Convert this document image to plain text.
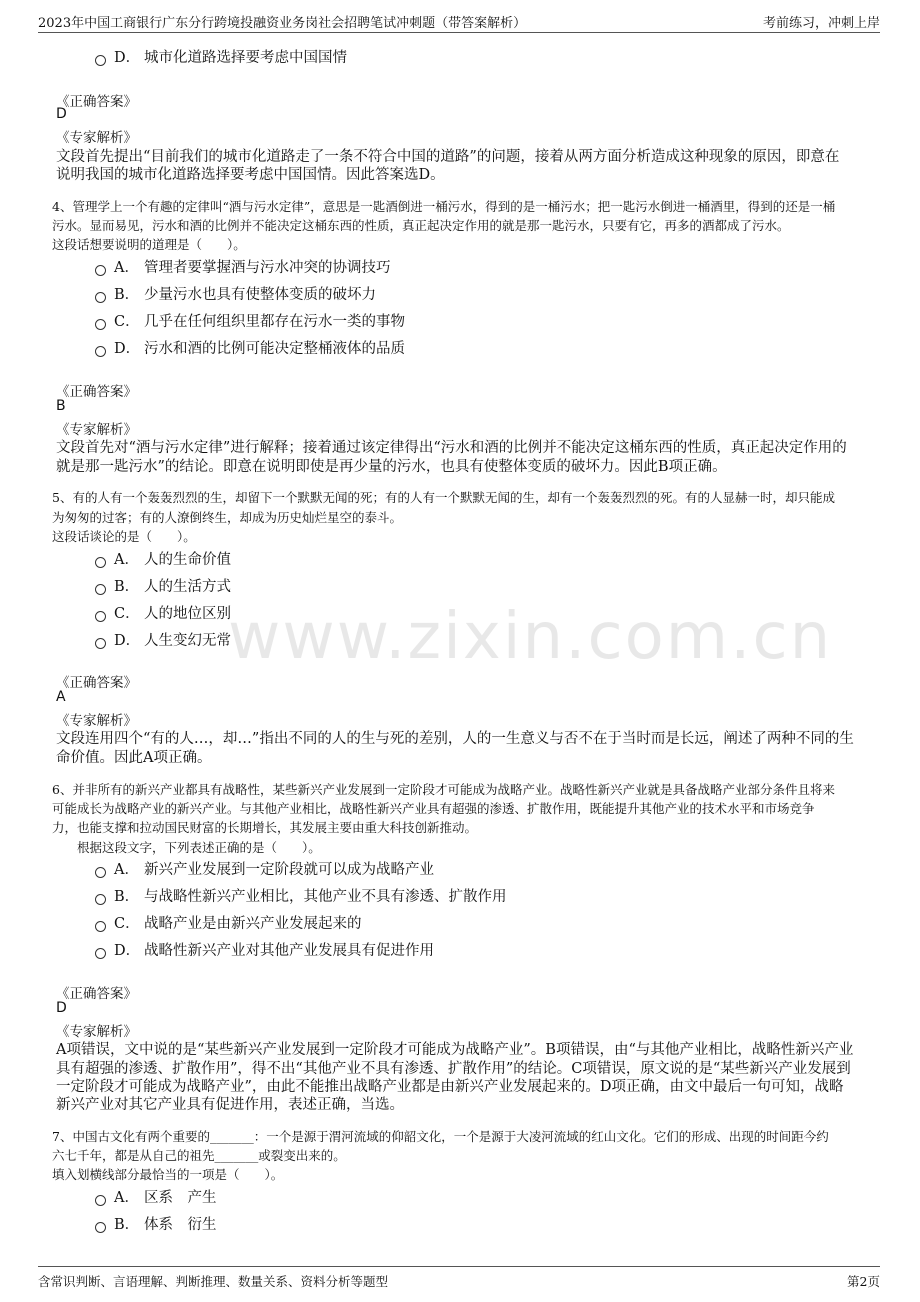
2023年中国工商银行广东分行跨境投融资业务岗社会招聘笔试冲刺题（带答案解析）	考前练习，冲刺上岸
www.zixin.com.cn
D． 城市化道路选择要考虑中国国情
《正确答案》
D
《专家解析》
文段首先提出“目前我们的城市化道路走了一条不符合中国的道路”的问题，接着从两方面分析造成这种现象的原因，即意在
说明我国的城市化道路选择要考虑中国国情。因此答案选D。
4、管理学上一个有趣的定律叫“酒与污水定律”，意思是一匙酒倒进一桶污水，得到的是一桶污水；把一匙污水倒进一桶酒里，得到的还是一桶
污水。显而易见，污水和酒的比例并不能决定这桶东西的性质，真正起决定作用的就是那一匙污水，只要有它，再多的酒都成了污水。
这段话想要说明的道理是（　　）。
A． 管理者要掌握酒与污水冲突的协调技巧
B． 少量污水也具有使整体变质的破坏力
C． 几乎在任何组织里都存在污水一类的事物
D． 污水和酒的比例可能决定整桶液体的品质
《正确答案》
B
《专家解析》
文段首先对“酒与污水定律”进行解释；接着通过该定律得出“污水和酒的比例并不能决定这桶东西的性质，真正起决定作用的
就是那一匙污水”的结论。即意在说明即使是再少量的污水，也具有使整体变质的破坏力。因此B项正确。
5、有的人有一个轰轰烈烈的生，却留下一个默默无闻的死；有的人有一个默默无闻的生，却有一个轰轰烈烈的死。有的人显赫一时，却只能成
为匆匆的过客；有的人潦倒终生，却成为历史灿烂星空的泰斗。
这段话谈论的是（　　）。
A． 人的生命价值
B． 人的生活方式
C． 人的地位区别
D． 人生变幻无常
《正确答案》
A
《专家解析》
文段连用四个“有的人…，却…”指出不同的人的生与死的差别，人的一生意义与否不在于当时而是长远，阐述了两种不同的生
命价值。因此A项正确。
6、并非所有的新兴产业都具有战略性，某些新兴产业发展到一定阶段才可能成为战略产业。战略性新兴产业就是具备战略产业部分条件且将来
可能成长为战略产业的新兴产业。与其他产业相比，战略性新兴产业具有超强的渗透、扩散作用，既能提升其他产业的技术水平和市场竞争
力，也能支撑和拉动国民财富的长期增长，其发展主要由重大科技创新推动。
根据这段文字，下列表述正确的是（　　）。
A． 新兴产业发展到一定阶段就可以成为战略产业
B． 与战略性新兴产业相比，其他产业不具有渗透、扩散作用
C． 战略产业是由新兴产业发展起来的
D． 战略性新兴产业对其他产业发展具有促进作用
《正确答案》
D
《专家解析》
A项错误，文中说的是“某些新兴产业发展到一定阶段才可能成为战略产业”。B项错误，由“与其他产业相比，战略性新兴产业
具有超强的渗透、扩散作用”，得不出“其他产业不具有渗透、扩散作用”的结论。C项错误，原文说的是“某些新兴产业发展到
一定阶段才可能成为战略产业”，由此不能推出战略产业都是由新兴产业发展起来的。D项正确，由文中最后一句可知，战略
新兴产业对其它产业具有促进作用，表述正确，当选。
7、中国古文化有两个重要的_______：一个是源于渭河流域的仰韶文化，一个是源于大凌河流域的红山文化。它们的形成、出现的时间距今约
六七千年，都是从自己的祖先_______或裂变出来的。
填入划横线部分最恰当的一项是（　　）。
A． 区系　产生
B． 体系　衍生
含常识判断、言语理解、判断推理、数量关系、资料分析等题型	第2页
